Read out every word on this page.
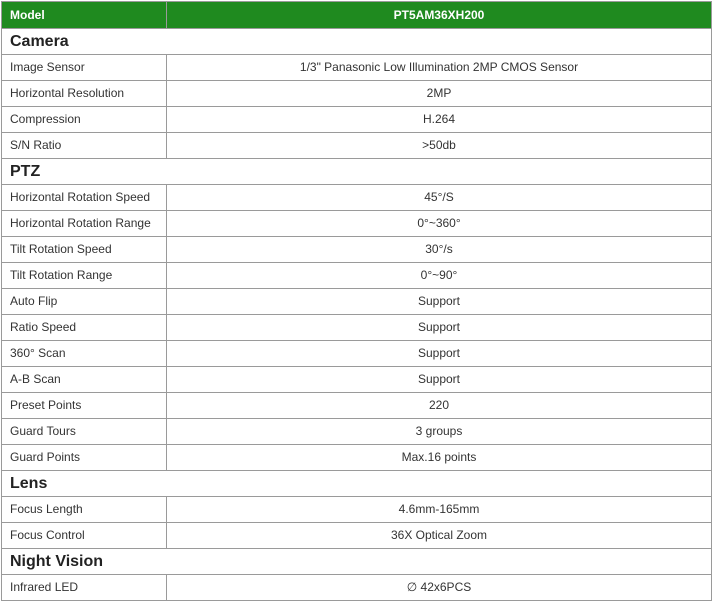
Model	PT5AM36XH200
Camera	
Image Sensor	1/3" Panasonic Low Illumination 2MP CMOS Sensor
Horizontal Resolution	2MP
Compression	H.264
S/N Ratio	>50db
PTZ	
Horizontal Rotation Speed	45°/S
Horizontal Rotation Range	0°~360°
Tilt Rotation Speed	30°/s
Tilt Rotation Range	0°~90°
Auto Flip	Support
Ratio Speed	Support
360° Scan	Support
A-B Scan	Support
Preset Points	220
Guard Tours	3 groups
Guard Points	Max.16 points
Lens	
Focus Length	4.6mm-165mm
Focus Control	36X Optical Zoom
Night Vision	
Infrared LED	∅ 42x6PCS
